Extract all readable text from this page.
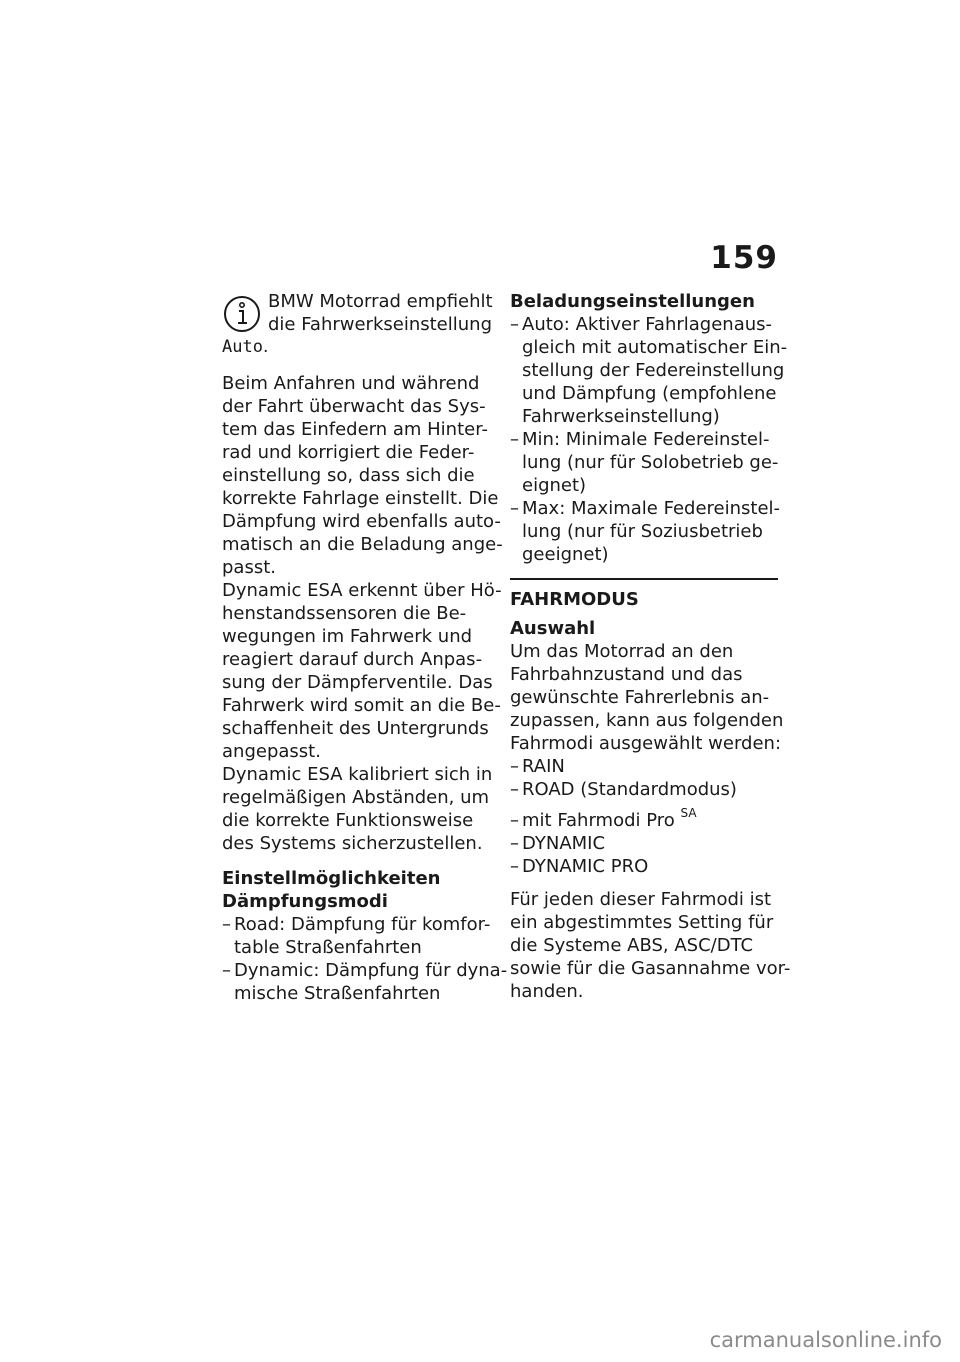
159
BMW Motorrad empfiehlt
die Fahrwerkseinstellung
Auto.
Beim Anfahren und während
der Fahrt überwacht das Sys-
tem das Einfedern am Hinter-
rad und korrigiert die Feder-
einstellung so, dass sich die
korrekte Fahrlage einstellt. Die
Dämpfung wird ebenfalls auto-
matisch an die Beladung ange-
passt.
Dynamic ESA erkennt über Hö-
henstandssensoren die Be-
wegungen im Fahrwerk und
reagiert darauf durch Anpas-
sung der Dämpferventile. Das
Fahrwerk wird somit an die Be-
schaffenheit des Untergrunds
angepasst.
Dynamic ESA kalibriert sich in
regelmäßigen Abständen, um
die korrekte Funktionsweise
des Systems sicherzustellen.
Einstellmöglichkeiten
Dämpfungsmodi
– Road: Dämpfung für komfor-
table Straßenfahrten
– Dynamic: Dämpfung für dyna-
mische Straßenfahrten
Beladungseinstellungen
– Auto: Aktiver Fahrlagenaus-
gleich mit automatischer Ein-
stellung der Federeinstellung
und Dämpfung (empfohlene
Fahrwerkseinstellung)
– Min: Minimale Federeinstel-
lung (nur für Solobetrieb ge-
eignet)
– Max: Maximale Federeinstel-
lung (nur für Soziusbetrieb
geeignet)
FAHRMODUS
Auswahl
Um das Motorrad an den
Fahrbahnzustand und das
gewünschte Fahrerlebnis an-
zupassen, kann aus folgenden
Fahrmodi ausgewählt werden:
– RAIN
– ROAD (Standardmodus)
– mit Fahrmodi Pro $^{SA}$
– DYNAMIC
– DYNAMIC PRO
Für jeden dieser Fahrmodi ist
ein abgestimmtes Setting für
die Systeme ABS, ASC/DTC
sowie für die Gasannahme vor-
handen.
carmanualsonline.info
